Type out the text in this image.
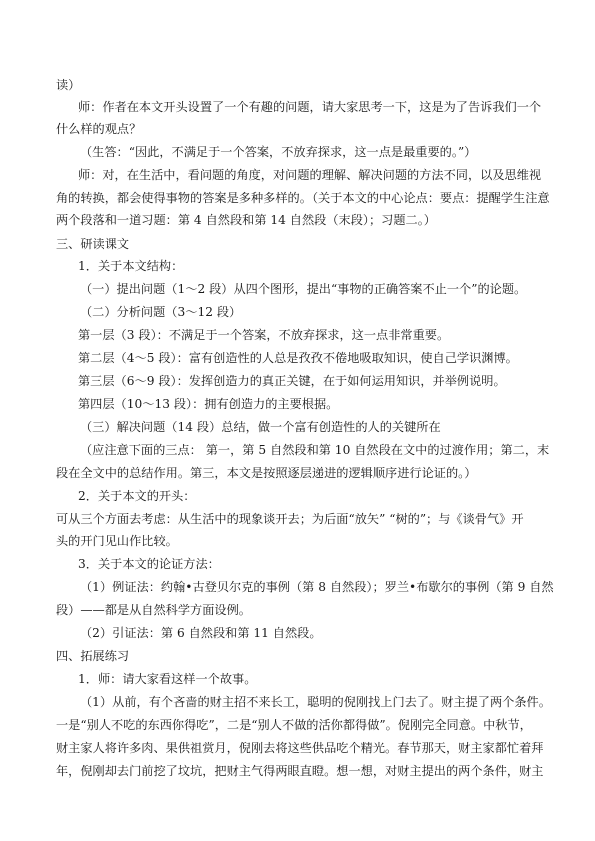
读）
师：作者在本文开头设置了一个有趣的问题，请大家思考一下，这是为了告诉我们一个
什么样的观点？
（生答：“因此，不满足于一个答案，不放弃探求，这一点是最重要的。”）
师：对，在生活中，看问题的角度，对问题的理解、解决问题的方法不同，以及思维视
角的转换，都会使得事物的答案是多种多样的。（关于本文的中心论点：要点：提醒学生注意
两个段落和一道习题：第 4 自然段和第 14 自然段（末段）；习题二。）
三、研读课文
1．关于本文结构：
（一）提出问题（1～2 段）从四个图形，提出“事物的正确答案不止一个”的论题。
（二）分析问题（3～12 段）
第一层（3 段）：不满足于一个答案，不放弃探求，这一点非常重要。
第二层（4～5 段）：富有创造性的人总是孜孜不倦地吸取知识，使自己学识渊博。
第三层（6～9 段）：发挥创造力的真正关键，在于如何运用知识，并举例说明。
第四层（10～13 段）：拥有创造力的主要根据。
（三）解决问题（14 段）总结，做一个富有创造性的人的关键所在
（应注意下面的三点： 第一，第 5 自然段和第 10 自然段在文中的过渡作用；第二，末
段在全文中的总结作用。第三，本文是按照逐层递进的逻辑顺序进行论证的。）
2．关于本文的开头：
可从三个方面去考虑：从生活中的现象谈开去；为后面“放矢” “树的”；与《谈骨气》开
头的开门见山作比较。
3．关于本文的论证方法：
（1）例证法：约翰•古登贝尔克的事例（第 8 自然段）；罗兰•布歇尔的事例（第 9 自然
段）——都是从自然科学方面设例。
（2）引证法：第 6 自然段和第 11 自然段。
四、拓展练习
1．师：请大家看这样一个故事。
（1）从前，有个吝啬的财主招不来长工，聪明的倪刚找上门去了。财主提了两个条件。
一是“别人不吃的东西你得吃”，二是“别人不做的活你都得做”。倪刚完全同意。中秋节，
财主家人将许多肉、果供祖赏月，倪刚去将这些供品吃个精光。春节那天，财主家都忙着拜
年，倪刚却去门前挖了坟坑，把财主气得两眼直瞪。想一想，对财主提出的两个条件，财主
